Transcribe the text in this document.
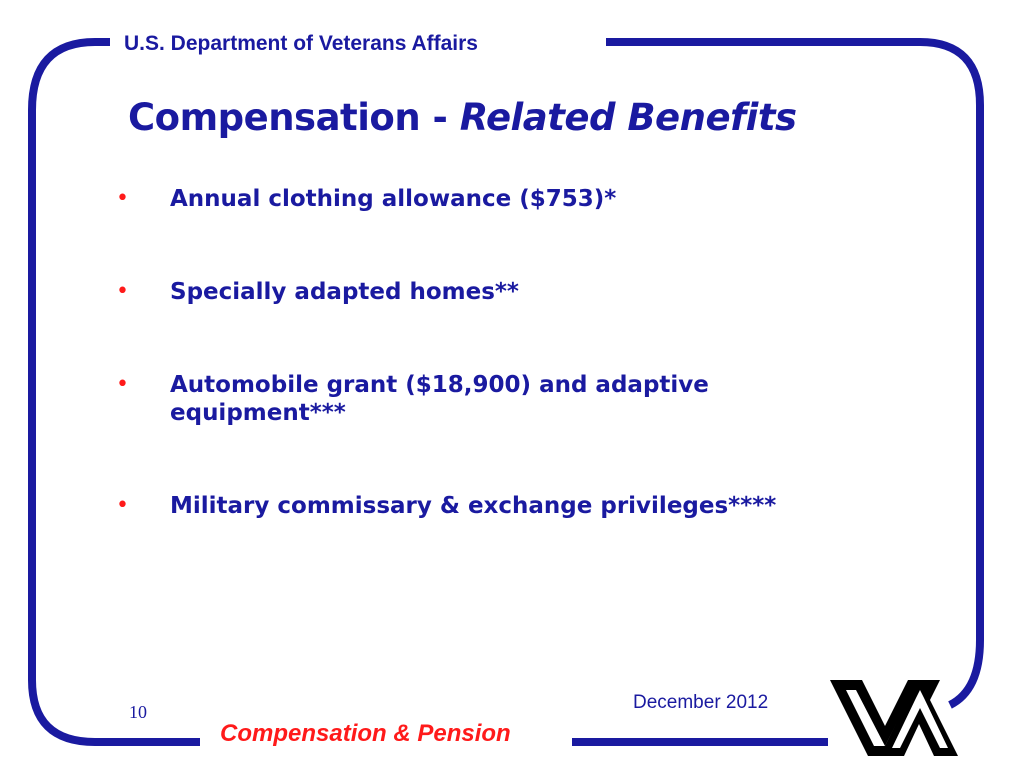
U.S. Department of Veterans Affairs
Compensation - Related Benefits
•	Annual clothing allowance ($753)*
•	Specially adapted homes**
•	Automobile grant ($18,900) and adaptive
equipment***
•	Military commissary & exchange privileges****
10	December 2012
Compensation & Pension
